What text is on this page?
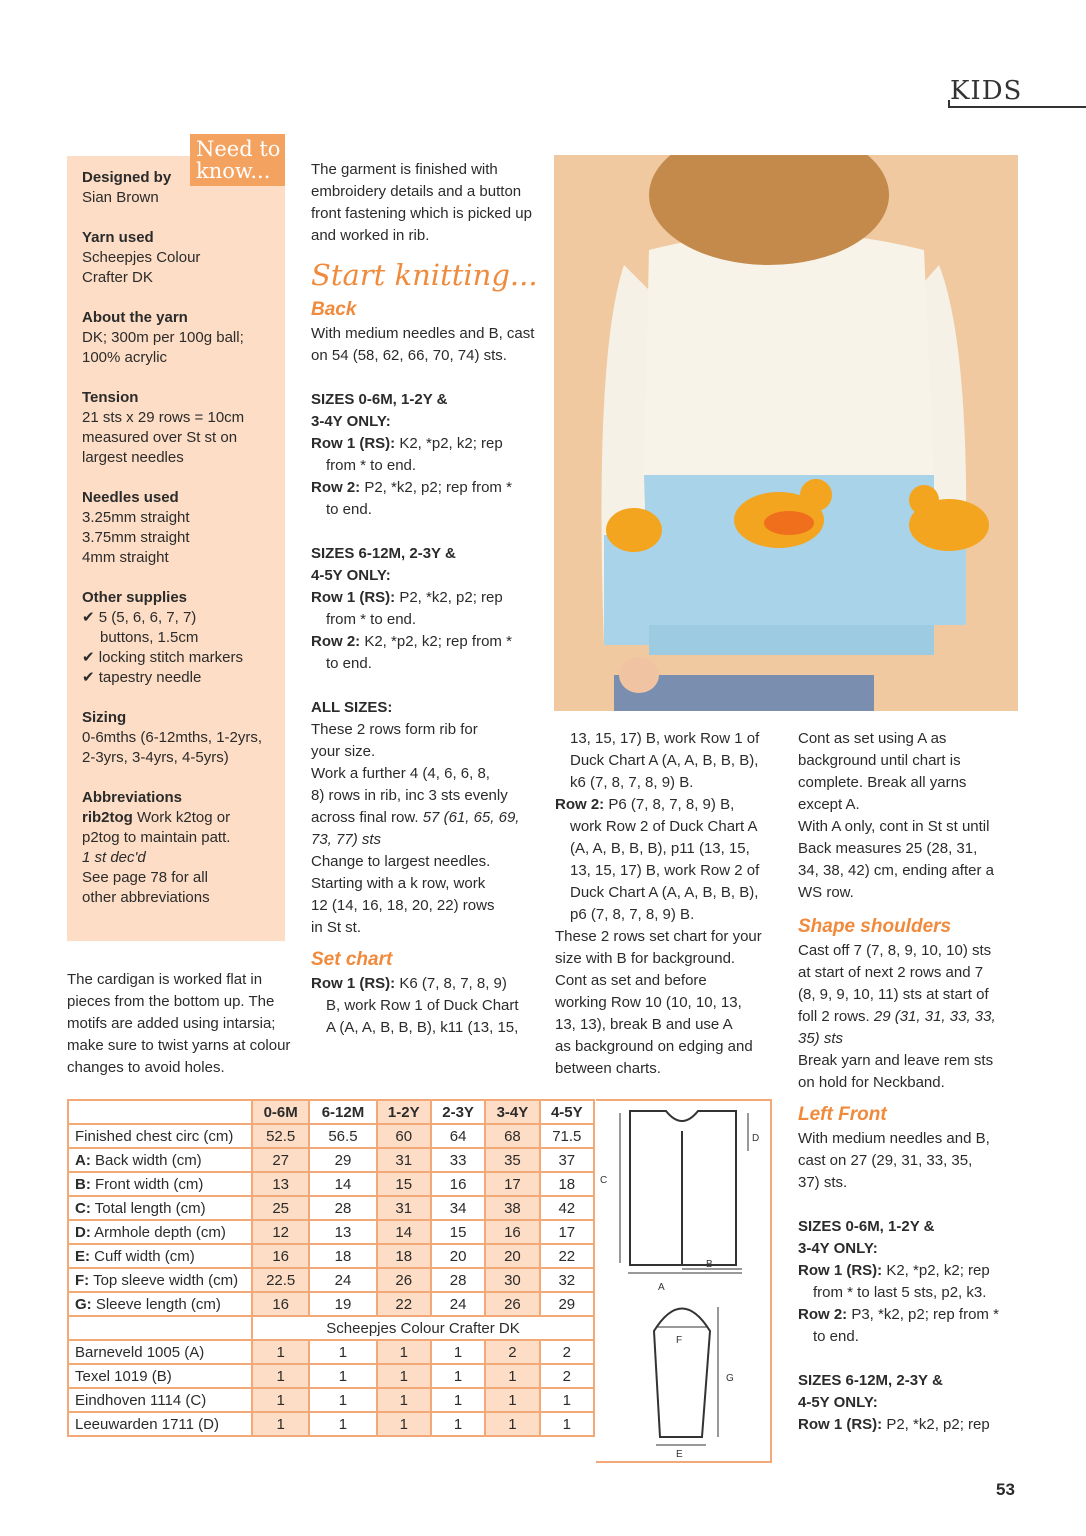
KIDS
Need to
know...

Designed by

Sian Brown

Yarn used

Scheepjes Colour

Crafter DK

About the yarn

DK; 300m per 100g ball;

100% acrylic

Tension

21 sts x 29 rows = 10cm

measured over St st on

largest needles

Needles used

3.25mm straight

3.75mm straight

4mm straight

Other supplies

✔ 5 (5, 6, 6, 7, 7)

buttons, 1.5cm

✔ locking stitch markers

✔ tapestry needle

Sizing

0-6mths (6-12mths, 1-2yrs,

2-3yrs, 3-4yrs, 4-5yrs)

Abbreviations

rib2tog Work k2tog or

p2tog to maintain patt.

1 st dec'd

See page 78 for all

other abbreviations

The cardigan is worked flat in pieces from the bottom up. The motifs are added using intarsia; make sure to twist yarns at colour changes to avoid holes.

The garment is finished with embroidery details and a button front fastening which is picked up and worked in rib.

Start knitting...

Back

With medium needles and B, cast on 54 (58, 62, 66, 70, 74) sts.

SIZES 0-6M, 1-2Y &

3-4Y ONLY:

Row 1 (RS): K2, *p2, k2; rep

from * to end.

Row 2: P2, *k2, p2; rep from *

to end.

SIZES 6-12M, 2-3Y &

4-5Y ONLY:

Row 1 (RS): P2, *k2, p2; rep

from * to end.

Row 2: K2, *p2, k2; rep from *

to end.

ALL SIZES:

These 2 rows form rib for

your size.

Work a further 4 (4, 6, 6, 8,

8) rows in rib, inc 3 sts evenly

across final row. 57 (61, 65, 69,

73, 77) sts

Change to largest needles.

Starting with a k row, work

12 (14, 16, 18, 20, 22) rows

in St st.

Set chart

Row 1 (RS): K6 (7, 8, 7, 8, 9)

B, work Row 1 of Duck Chart

A (A, A, B, B, B), k11 (13, 15,

13, 15, 17) B, work Row 1 of

Duck Chart A (A, A, B, B, B),

k6 (7, 8, 7, 8, 9) B.

Row 2: P6 (7, 8, 7, 8, 9) B,

work Row 2 of Duck Chart A

(A, A, B, B, B), p11 (13, 15,

13, 15, 17) B, work Row 2 of

Duck Chart A (A, A, B, B, B),

p6 (7, 8, 7, 8, 9) B.

These 2 rows set chart for your

size with B for background.

Cont as set and before

working Row 10 (10, 10, 13,

13, 13), break B and use A

as background on edging and

between charts.

Cont as set using A as

background until chart is

complete. Break all yarns

except A.

With A only, cont in St st until

Back measures 25 (28, 31,

34, 38, 42) cm, ending after a

WS row.

Shape shoulders

Cast off 7 (7, 8, 9, 10, 10) sts

at start of next 2 rows and 7

(8, 9, 9, 10, 11) sts at start of

foll 2 rows. 29 (31, 31, 33, 33,

35) sts

Break yarn and leave rem sts

on hold for Neckband.

Left Front

With medium needles and B,

cast on 27 (29, 31, 33, 35,

37) sts.

SIZES 0-6M, 1-2Y &

3-4Y ONLY:

Row 1 (RS): K2, *p2, k2; rep

from * to last 5 sts, p2, k3.

Row 2: P3, *k2, p2; rep from *

to end.

SIZES 6-12M, 2-3Y &

4-5Y ONLY:

Row 1 (RS): P2, *k2, p2; rep

	0-6M	6-12M	1-2Y	2-3Y	3-4Y	4-5Y
Finished chest circ (cm)	52.5	56.5	60	64	68	71.5
A: Back width (cm)	27	29	31	33	35	37
B: Front width (cm)	13	14	15	16	17	18
C: Total length (cm)	25	28	31	34	38	42
D: Armhole depth (cm)	12	13	14	15	16	17
E: Cuff width (cm)	16	18	18	20	20	22
F: Top sleeve width (cm)	22.5	24	26	28	30	32
G: Sleeve length (cm)	16	19	22	24	26	29
	Scheepjes Colour Crafter DK					
Barneveld 1005 (A)	1	1	1	1	2	2
Texel 1019 (B)	1	1	1	1	1	2
Eindhoven 1114 (C)	1	1	1	1	1	1
Leeuwarden 1711 (D)	1	1	1	1	1	1
A
B
C
D
E
F
G
53
